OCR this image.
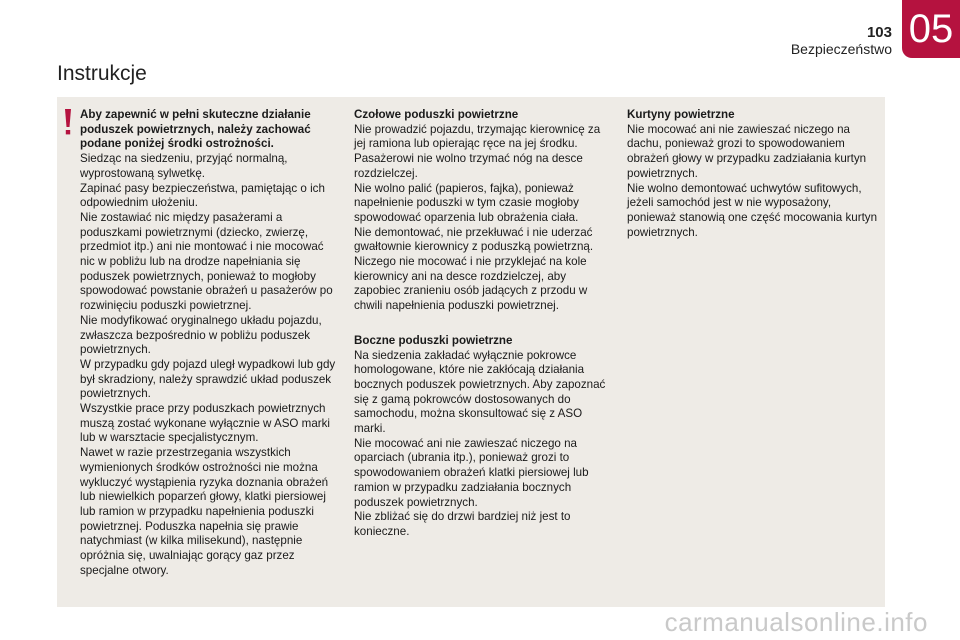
103
Bezpieczeństwo 05
Instrukcje
Aby zapewnić w pełni skuteczne działanie poduszek powietrznych, należy zachować podane poniżej środki ostrożności.
Siedząc na siedzeniu, przyjąć normalną, wyprostowaną sylwetkę.
Zapinać pasy bezpieczeństwa, pamiętając o ich odpowiednim ułożeniu.
Nie zostawiać nic między pasażerami a poduszkami powietrznymi (dziecko, zwierzę, przedmiot itp.) ani nie montować i nie mocować nic w pobliżu lub na drodze napełniania się poduszek powietrznych, ponieważ to mogłoby spowodować powstanie obrażeń u pasażerów po rozwinięciu poduszki powietrznej.
Nie modyfikować oryginalnego układu pojazdu, zwłaszcza bezpośrednio w pobliżu poduszek powietrznych.
W przypadku gdy pojazd uległ wypadkowi lub gdy był skradziony, należy sprawdzić układ poduszek powietrznych.
Wszystkie prace przy poduszkach powietrznych muszą zostać wykonane wyłącznie w ASO marki lub w warsztacie specjalistycznym.
Nawet w razie przestrzegania wszystkich wymienionych środków ostrożności nie można wykluczyć wystąpienia ryzyka doznania obrażeń lub niewielkich poparzeń głowy, klatki piersiowej lub ramion w przypadku napełnienia poduszki powietrznej. Poduszka napełnia się prawie natychmiast (w kilka milisekund), następnie opróżnia się, uwalniając gorący gaz przez specjalne otwory.
Czołowe poduszki powietrzne
Nie prowadzić pojazdu, trzymając kierownicę za jej ramiona lub opierając ręce na jej środku.
Pasażerowi nie wolno trzymać nóg na desce rozdzielczej.
Nie wolno palić (papieros, fajka), ponieważ napełnienie poduszki w tym czasie mogłoby spowodować oparzenia lub obrażenia ciała.
Nie demontować, nie przekłuwać i nie uderzać gwałtownie kierownicy z poduszką powietrzną.
Niczego nie mocować i nie przyklejać na kole kierownicy ani na desce rozdzielczej, aby zapobiec zranieniu osób jadących z przodu w chwili napełnienia poduszki powietrznej.
Boczne poduszki powietrzne
Na siedzenia zakładać wyłącznie pokrowce homologowane, które nie zakłócają działania bocznych poduszek powietrznych. Aby zapoznać się z gamą pokrowców dostosowanych do samochodu, można skonsultować się z ASO marki.
Nie mocować ani nie zawieszać niczego na oparciach (ubrania itp.), ponieważ grozi to spowodowaniem obrażeń klatki piersiowej lub ramion w przypadku zadziałania bocznych poduszek powietrznych.
Nie zbliżać się do drzwi bardziej niż jest to konieczne.
Kurtyny powietrzne
Nie mocować ani nie zawieszać niczego na dachu, ponieważ grozi to spowodowaniem obrażeń głowy w przypadku zadziałania kurtyn powietrznych.
Nie wolno demontować uchwytów sufitowych, jeżeli samochód jest w nie wyposażony, ponieważ stanowią one część mocowania kurtyn powietrznych.
carmanualsonline.info
